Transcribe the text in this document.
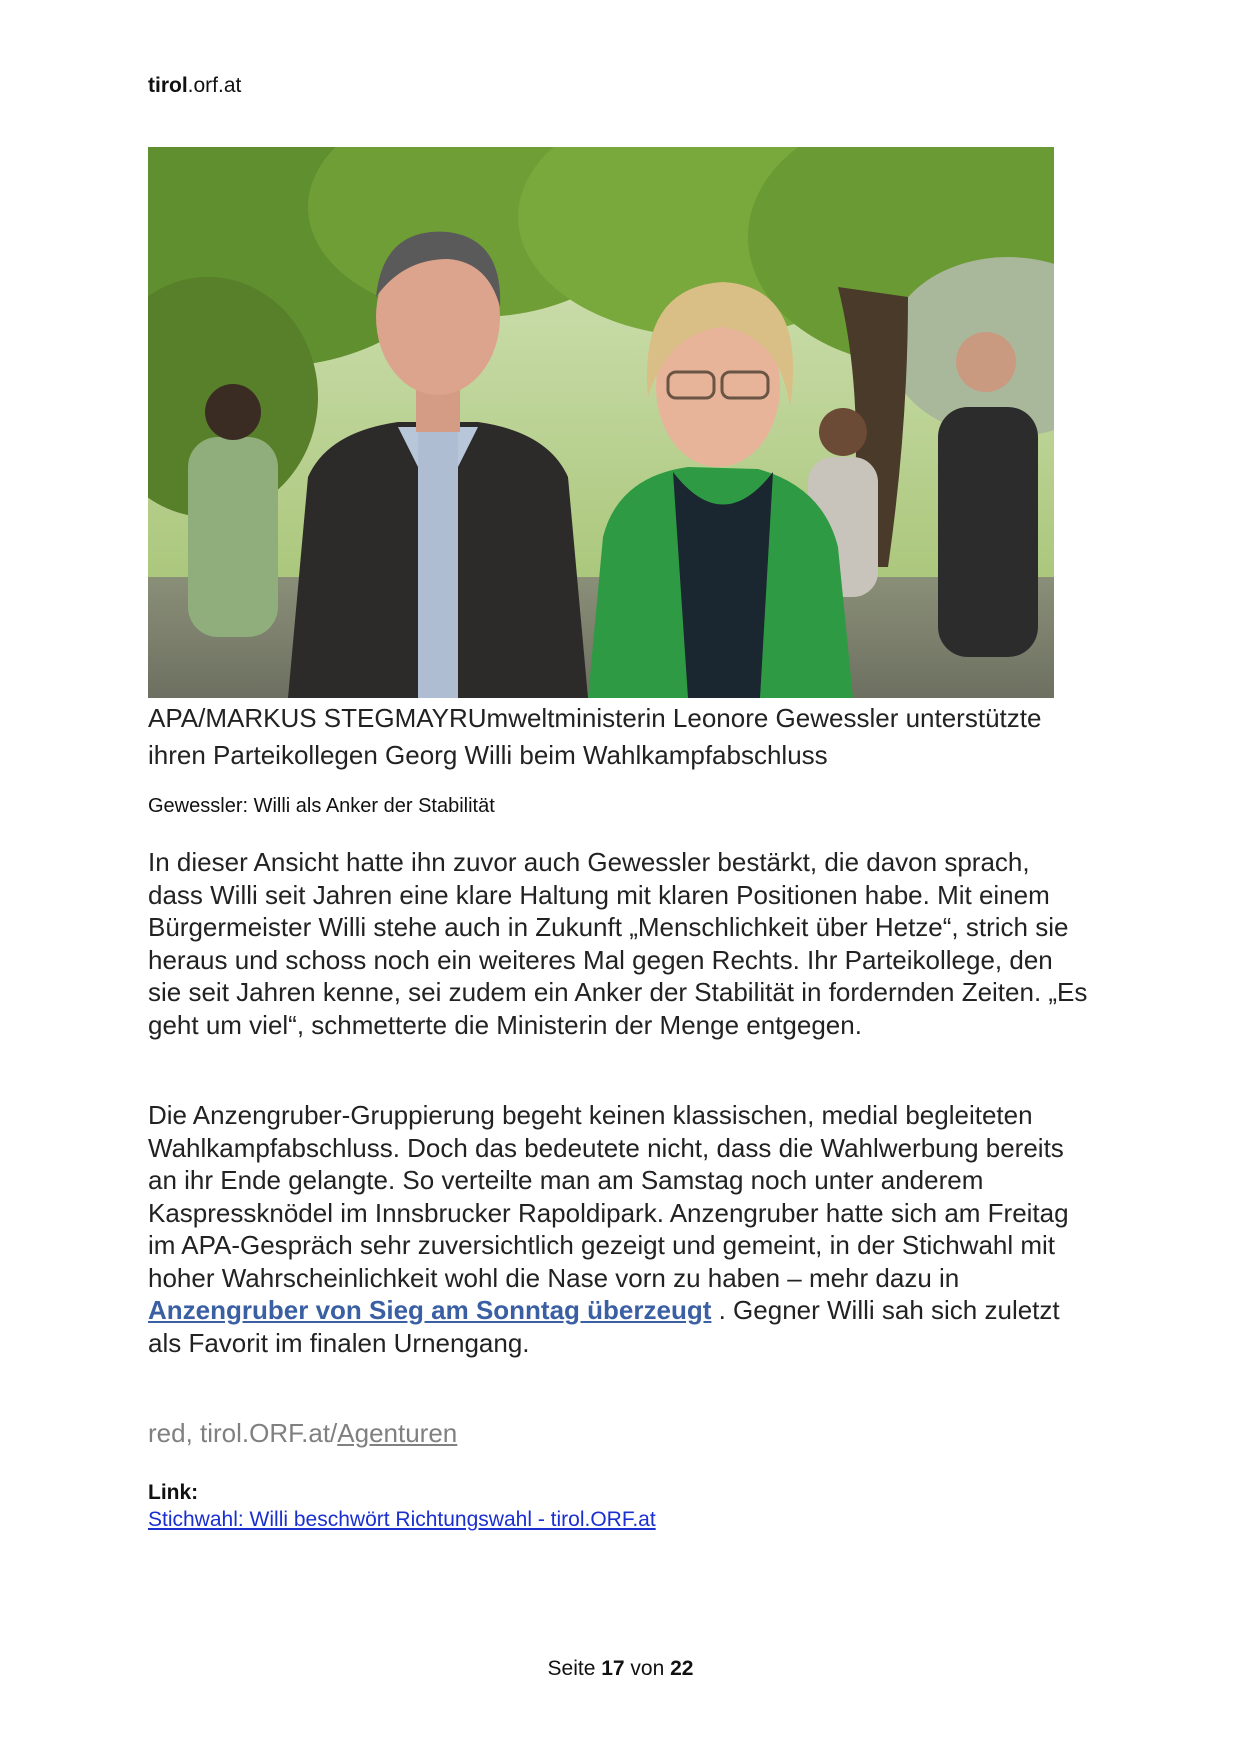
tirol.orf.at
APA/MARKUS STEGMAYRUmweltministerin Leonore Gewessler unterstützte ihren Parteikollegen Georg Willi beim Wahlkampfabschluss
Gewessler: Willi als Anker der Stabilität

In dieser Ansicht hatte ihn zuvor auch Gewessler bestärkt, die davon sprach, dass Willi seit Jahren eine klare Haltung mit klaren Positionen habe. Mit einem Bürgermeister Willi stehe auch in Zukunft „Menschlichkeit über Hetze“, strich sie heraus und schoss noch ein weiteres Mal gegen Rechts. Ihr Parteikollege, den sie seit Jahren kenne, sei zudem ein Anker der Stabilität in fordernden Zeiten. „Es geht um viel“, schmetterte die Ministerin der Menge entgegen.

Die Anzengruber-Gruppierung begeht keinen klassischen, medial begleiteten Wahlkampfabschluss. Doch das bedeutete nicht, dass die Wahlwerbung bereits an ihr Ende gelangte. So verteilte man am Samstag noch unter anderem Kaspressknödel im Innsbrucker Rapoldipark. Anzengruber hatte sich am Freitag im APA-Gespräch sehr zuversichtlich gezeigt und gemeint, in der Stichwahl mit hoher Wahrscheinlichkeit wohl die Nase vorn zu haben – mehr dazu in Anzengruber von Sieg am Sonntag überzeugt . Gegner Willi sah sich zuletzt als Favorit im finalen Urnengang.

red, tirol.ORF.at/Agenturen
Link:
Stichwahl: Willi beschwört Richtungswahl - tirol.ORF.at
Seite 17 von 22
